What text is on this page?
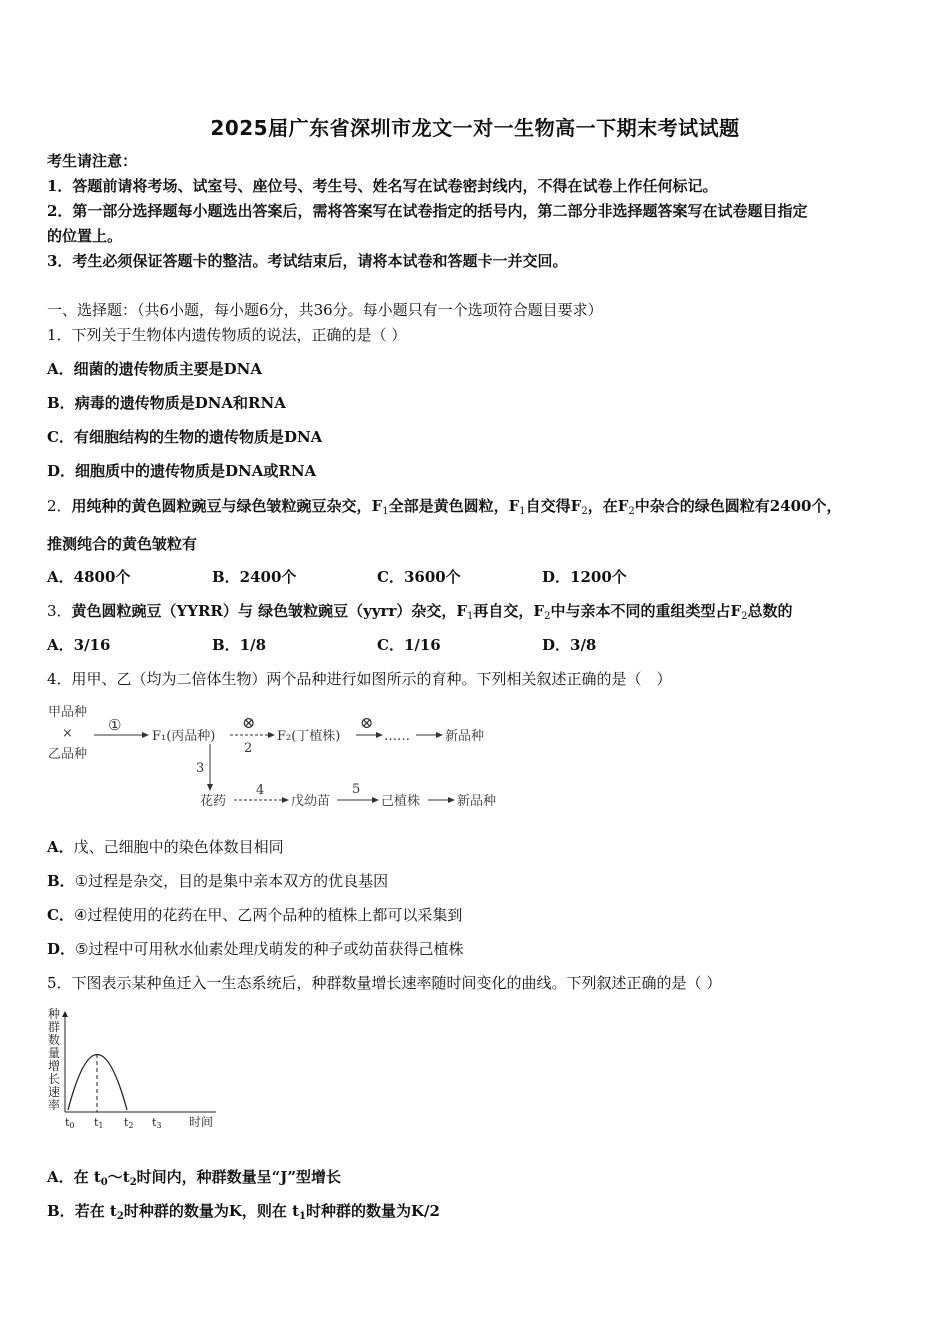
2025届广东省深圳市龙文一对一生物高一下期末考试试题
考生请注意：
1．答题前请将考场、试室号、座位号、考生号、姓名写在试卷密封线内，不得在试卷上作任何标记。
2．第一部分选择题每小题选出答案后，需将答案写在试卷指定的括号内，第二部分非选择题答案写在试卷题目指定
的位置上。
3．考生必须保证答题卡的整洁。考试结束后，请将本试卷和答题卡一并交回。
一、选择题：（共6小题，每小题6分，共36分。每小题只有一个选项符合题目要求）
1．下列关于生物体内遗传物质的说法，正确的是（ ）
A．细菌的遗传物质主要是DNA
B．病毒的遗传物质是DNA和RNA
C．有细胞结构的生物的遗传物质是DNA
D．细胞质中的遗传物质是DNA或RNA
2．用纯种的黄色圆粒豌豆与绿色皱粒豌豆杂交，$F_1$全部是黄色圆粒，$F_1$自交得$F_2$，在$F_2$中杂合的绿色圆粒有2400个，
推测纯合的黄色皱粒有
A．4800个	B．2400个	C．3600个	D．1200个
3．黄色圆粒豌豆（YYRR）与 绿色皱粒豌豆（yyrr）杂交，$F_1$再自交，$F_2$中与亲本不同的重组类型占$F_2$总数的
A．3/16	B．1/8	C．1/16	D．3/8
4．用甲、乙（均为二倍体生物）两个品种进行如图所示的育种。下列相关叙述正确的是（　）
甲品种
×
乙品种
①
F₁(丙品种)
⊗
2
F₂(丁植株)
⊗
……	新品种
3
花药
4
戊幼苗
5
己植株	新品种
A．戊、己细胞中的染色体数目相同
B．①过程是杂交，目的是集中亲本双方的优良基因
C．④过程使用的花药在甲、乙两个品种的植株上都可以采集到
D．⑤过程中可用秋水仙素处理戊萌发的种子或幼苗获得己植株
5．下图表示某种鱼迁入一生态系统后，种群数量增长速率随时间变化的曲线。下列叙述正确的是（ ）
种
群
数
量
增
长
速
率
t0 t1 t2 t3 时间
A．在 $t_0\sim t_2$时间内，种群数量呈“J”型增长
B．若在 $t_2$时种群的数量为K，则在 $t_1$时种群的数量为K/2
